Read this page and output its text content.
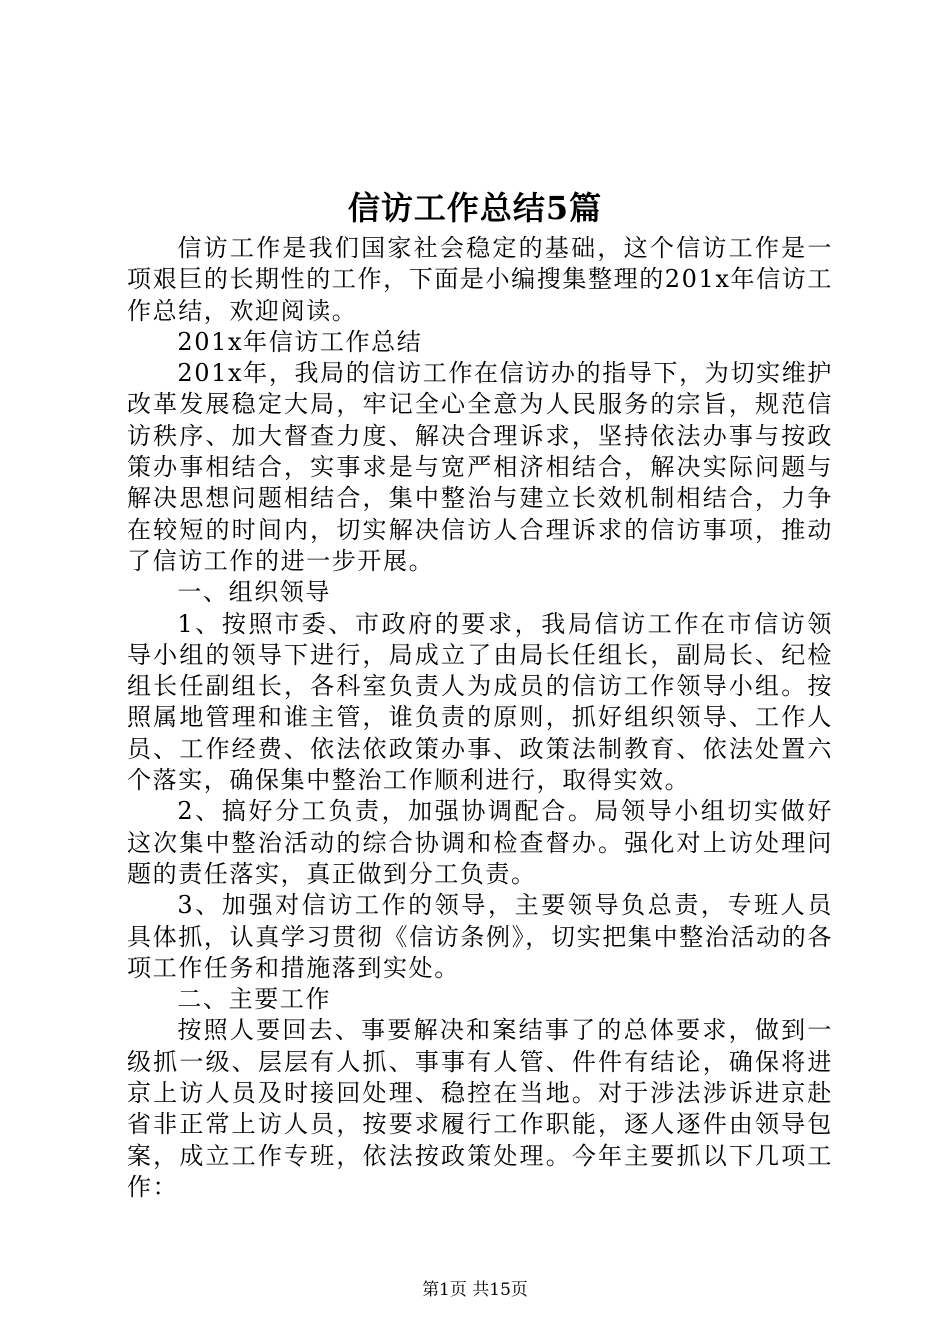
信访工作总结5篇

信访工作是我们国家社会稳定的基础，这个信访工作是一项艰巨的长期性的工作，下面是小编搜集整理的201x年信访工作总结，欢迎阅读。

201x年信访工作总结

201x年，我局的信访工作在信访办的指导下，为切实维护改革发展稳定大局，牢记全心全意为人民服务的宗旨，规范信访秩序、加大督查力度、解决合理诉求，坚持依法办事与按政策办事相结合，实事求是与宽严相济相结合，解决实际问题与解决思想问题相结合，集中整治与建立长效机制相结合，力争在较短的时间内，切实解决信访人合理诉求的信访事项，推动了信访工作的进一步开展。

一、组织领导

1、按照市委、市政府的要求，我局信访工作在市信访领导小组的领导下进行，局成立了由局长任组长，副局长、纪检组长任副组长，各科室负责人为成员的信访工作领导小组。按照属地管理和谁主管，谁负责的原则，抓好组织领导、工作人员、工作经费、依法依政策办事、政策法制教育、依法处置六个落实，确保集中整治工作顺利进行，取得实效。

2、搞好分工负责，加强协调配合。局领导小组切实做好这次集中整治活动的综合协调和检查督办。强化对上访处理问题的责任落实，真正做到分工负责。

3、加强对信访工作的领导，主要领导负总责，专班人员具体抓，认真学习贯彻《信访条例》，切实把集中整治活动的各项工作任务和措施落到实处。

二、主要工作

按照人要回去、事要解决和案结事了的总体要求，做到一级抓一级、层层有人抓、事事有人管、件件有结论，确保将进京上访人员及时接回处理、稳控在当地。对于涉法涉诉进京赴省非正常上访人员，按要求履行工作职能，逐人逐件由领导包案，成立工作专班，依法按政策处理。今年主要抓以下几项工作：

第1页 共15页
